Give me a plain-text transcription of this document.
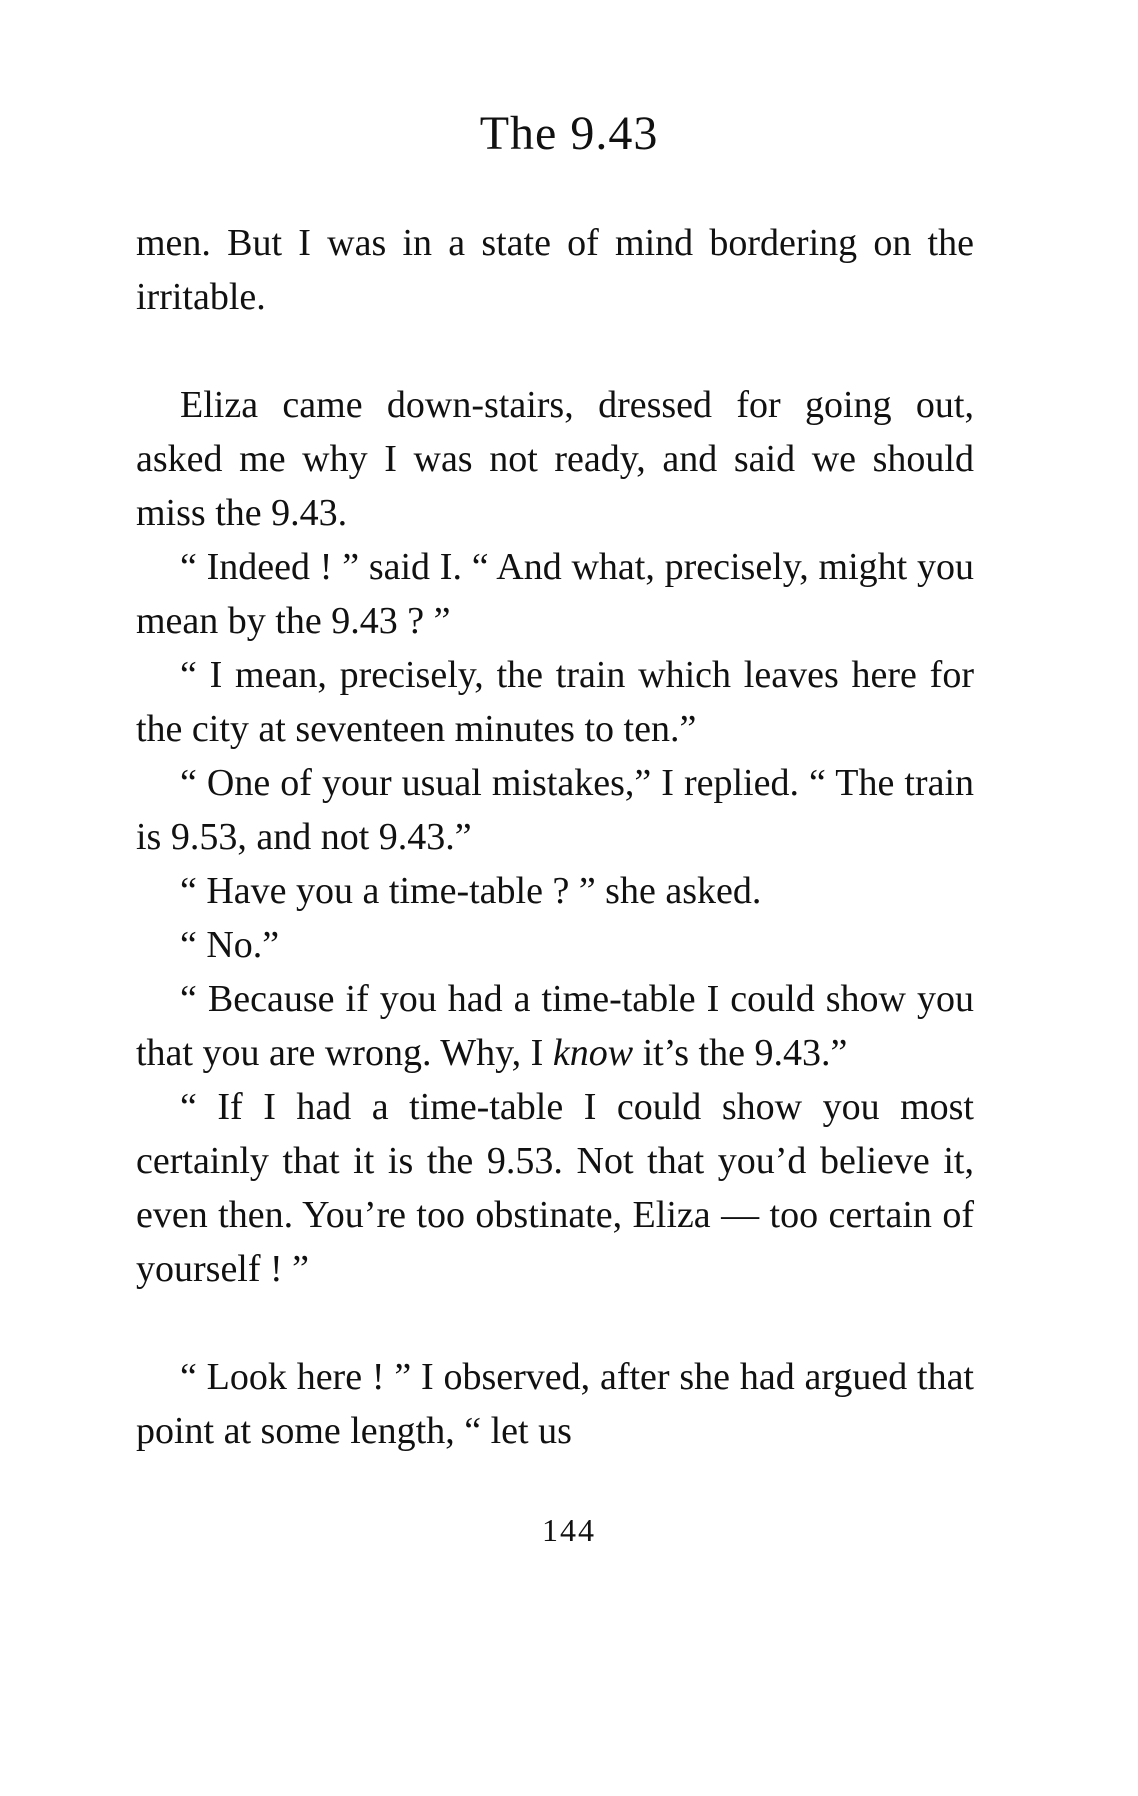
The 9.43

men. But I was in a state of mind bordering on the irritable.

Eliza came down-stairs, dressed for going out, asked me why I was not ready, and said we should miss the 9.43.

“ Indeed ! ” said I. “ And what, precisely, might you mean by the 9.43 ? ”

“ I mean, precisely, the train which leaves here for the city at seventeen minutes to ten.”

“ One of your usual mistakes,” I replied. “ The train is 9.53, and not 9.43.”

“ Have you a time-table ? ” she asked.

“ No.”

“ Because if you had a time-table I could show you that you are wrong. Why, I know it’s the 9.43.”

“ If I had a time-table I could show you most certainly that it is the 9.53. Not that you’d believe it, even then. You’re too obstinate, Eliza — too certain of yourself ! ”

“ Look here ! ” I observed, after she had argued that point at some length, “ let us

144
